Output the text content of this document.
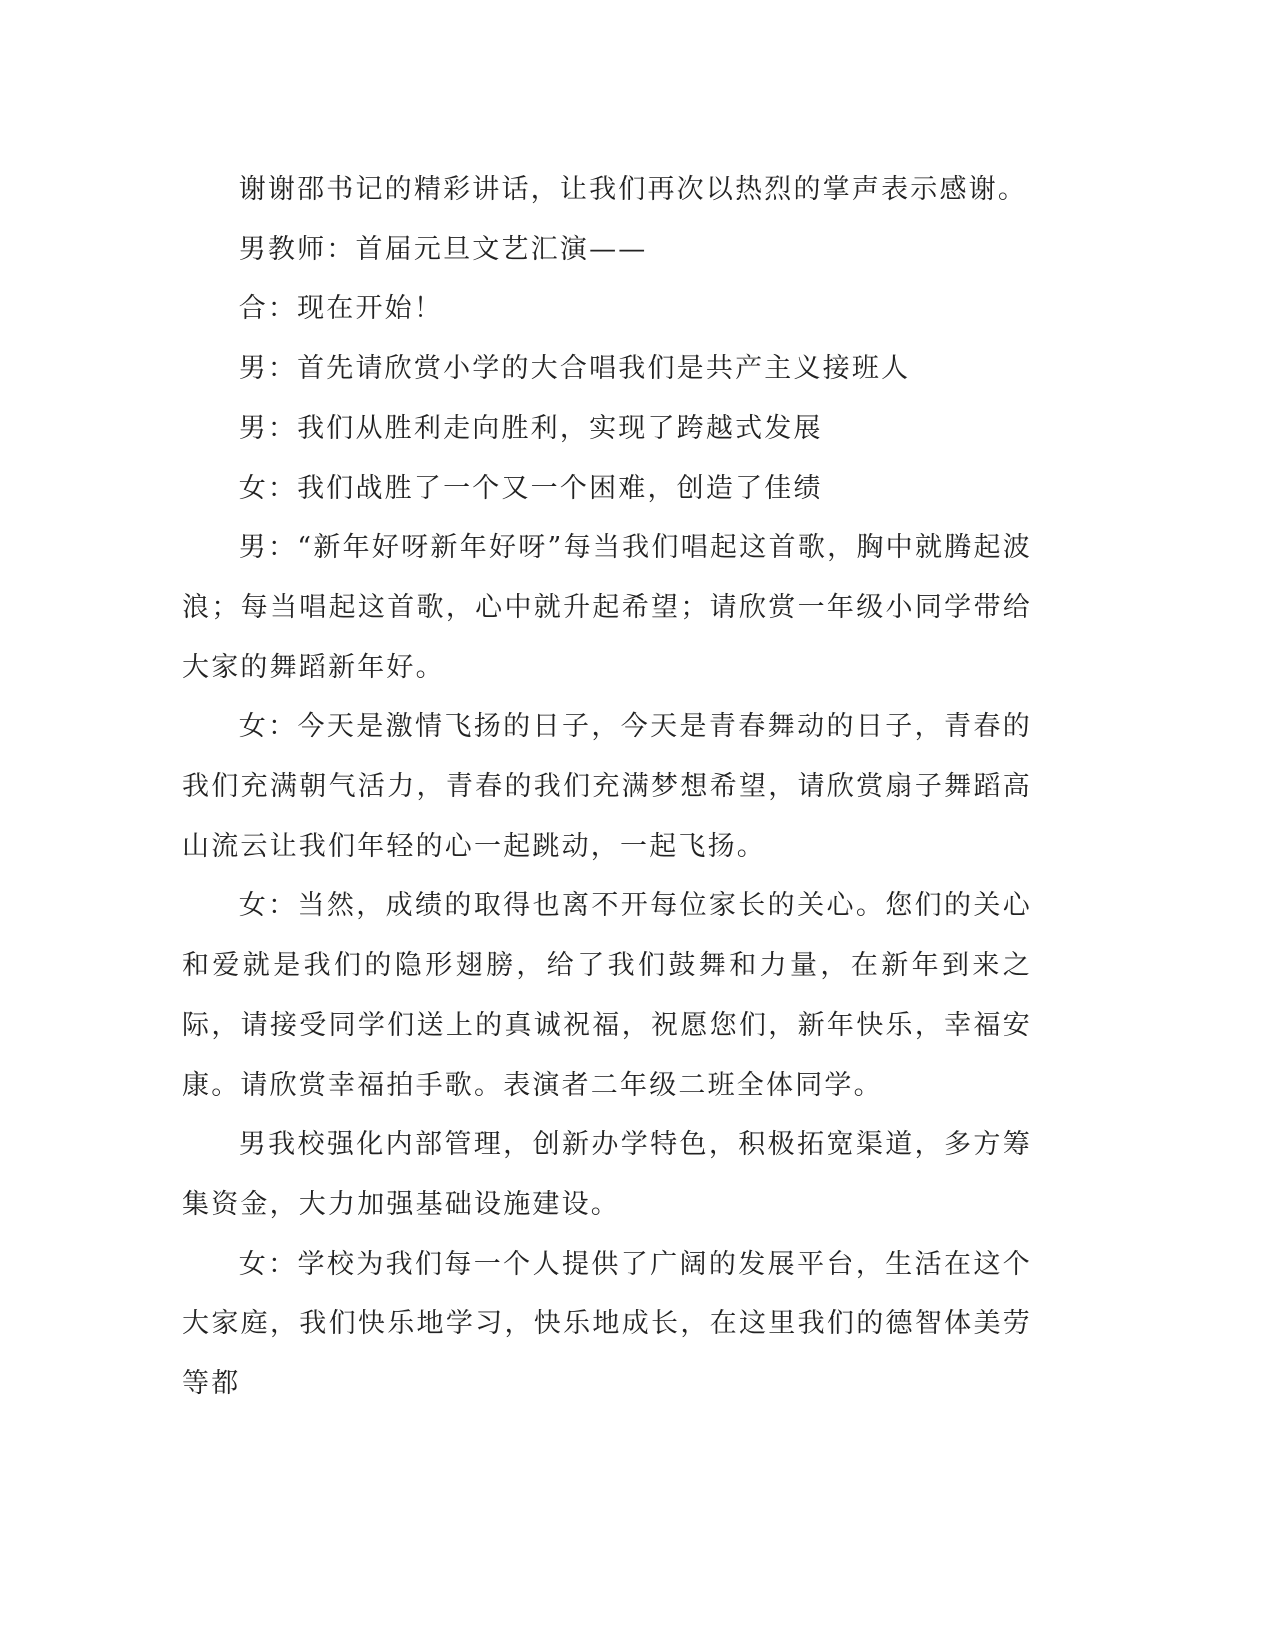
谢谢邵书记的精彩讲话，让我们再次以热烈的掌声表示感谢。

男教师：首届元旦文艺汇演——

合：现在开始！

男：首先请欣赏小学的大合唱我们是共产主义接班人

男：我们从胜利走向胜利，实现了跨越式发展

女：我们战胜了一个又一个困难，创造了佳绩

男：“新年好呀新年好呀”每当我们唱起这首歌，胸中就腾起波浪；每当唱起这首歌，心中就升起希望；请欣赏一年级小同学带给大家的舞蹈新年好。

女：今天是激情飞扬的日子，今天是青春舞动的日子，青春的我们充满朝气活力，青春的我们充满梦想希望，请欣赏扇子舞蹈高山流云让我们年轻的心一起跳动，一起飞扬。

女：当然，成绩的取得也离不开每位家长的关心。您们的关心和爱就是我们的隐形翅膀，给了我们鼓舞和力量，在新年到来之际，请接受同学们送上的真诚祝福，祝愿您们，新年快乐，幸福安康。请欣赏幸福拍手歌。表演者二年级二班全体同学。

男我校强化内部管理，创新办学特色，积极拓宽渠道，多方筹集资金，大力加强基础设施建设。

女：学校为我们每一个人提供了广阔的发展平台，生活在这个大家庭，我们快乐地学习，快乐地成长，在这里我们的德智体美劳等都
